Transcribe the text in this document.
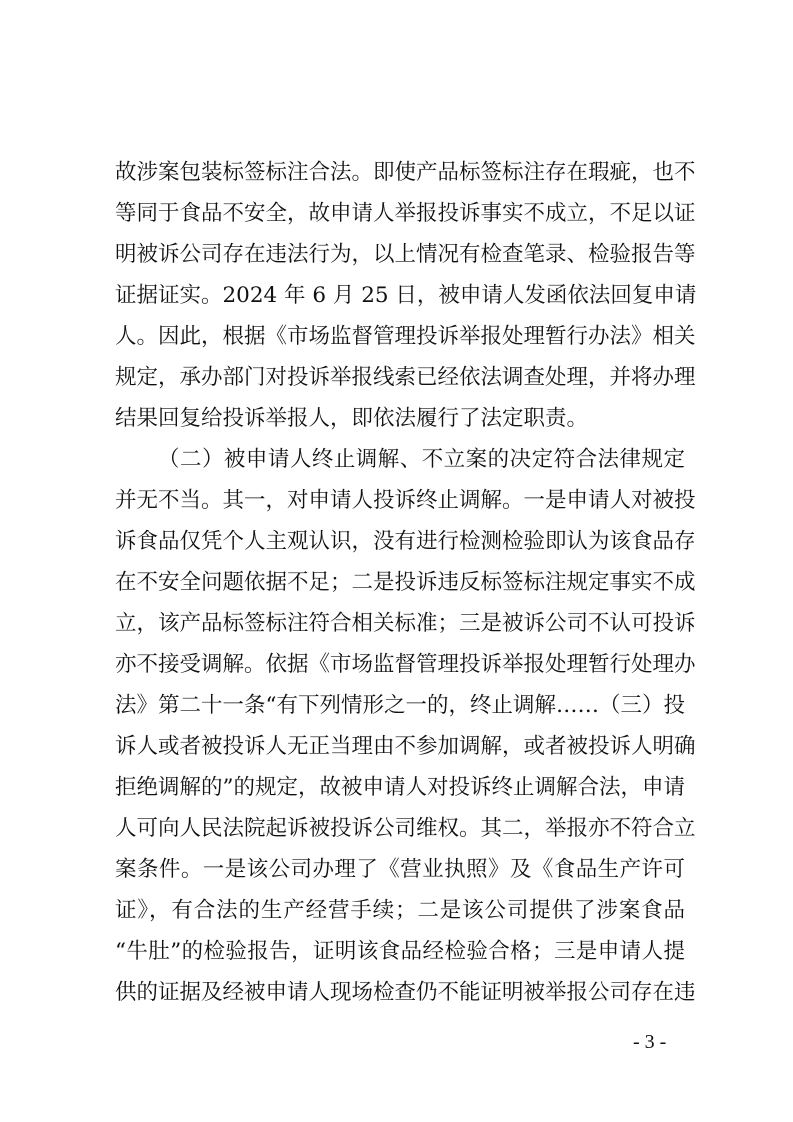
故涉案包装标签标注合法。即使产品标签标注存在瑕疵，也不
等同于食品不安全，故申请人举报投诉事实不成立，不足以证
明被诉公司存在违法行为，以上情况有检查笔录、检验报告等
证据证实。2024 年 6 月 25 日，被申请人发函依法回复申请
人。因此，根据《市场监督管理投诉举报处理暂行办法》相关
规定，承办部门对投诉举报线索已经依法调查处理，并将办理
结果回复给投诉举报人，即依法履行了法定职责。
（二）被申请人终止调解、不立案的决定符合法律规定
并无不当。其一，对申请人投诉终止调解。一是申请人对被投
诉食品仅凭个人主观认识，没有进行检测检验即认为该食品存
在不安全问题依据不足；二是投诉违反标签标注规定事实不成
立，该产品标签标注符合相关标准；三是被诉公司不认可投诉
亦不接受调解。依据《市场监督管理投诉举报处理暂行处理办
法》第二十一条“有下列情形之一的，终止调解……（三）投
诉人或者被投诉人无正当理由不参加调解，或者被投诉人明确
拒绝调解的”的规定，故被申请人对投诉终止调解合法，申请
人可向人民法院起诉被投诉公司维权。其二，举报亦不符合立
案条件。一是该公司办理了《营业执照》及《食品生产许可
证》，有合法的生产经营手续；二是该公司提供了涉案食品
“牛肚”的检验报告，证明该食品经检验合格；三是申请人提
供的证据及经被申请人现场检查仍不能证明被举报公司存在违
- 3 -
